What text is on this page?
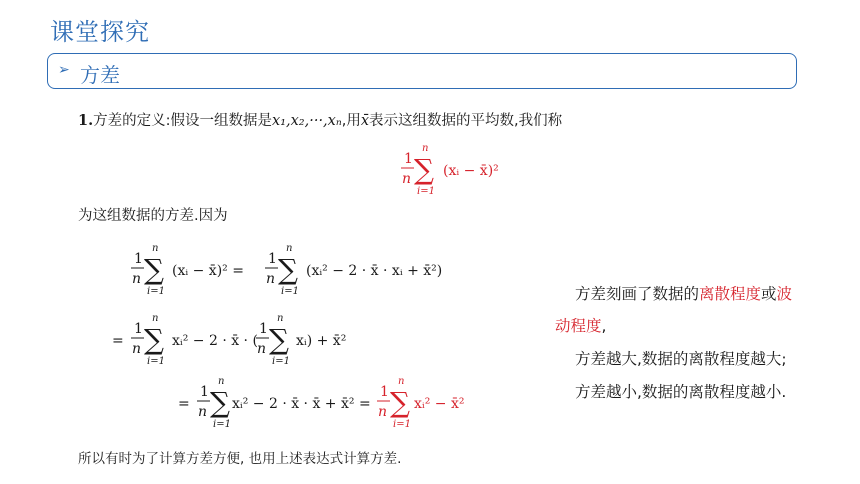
课堂探究
➢ 方差
1.方差的定义:假设一组数据是x₁,x₂,···,xₙ,用x̄表示这组数据的平均数,我们称
1
n
n
∑
i=1
(xᵢ − x̄)²
为这组数据的方差.因为
1
n
n
∑
i=1
(xᵢ − x̄)² =
1
n
n
∑
i=1
(xᵢ² − 2 · x̄ · xᵢ + x̄²)
=
1
n
n
∑
i=1
xᵢ² − 2 · x̄ · (
1
n
n
∑
i=1
xᵢ) + x̄²
=
1
n
n
∑
i=1
xᵢ² − 2 · x̄ · x̄ + x̄² =
1
n
n
∑
i=1
xᵢ² − x̄²
方差刻画了数据的离散程度或波
动程度,
方差越大,数据的离散程度越大;
方差越小,数据的离散程度越小.
所以有时为了计算方差方便, 也用上述表达式计算方差.
